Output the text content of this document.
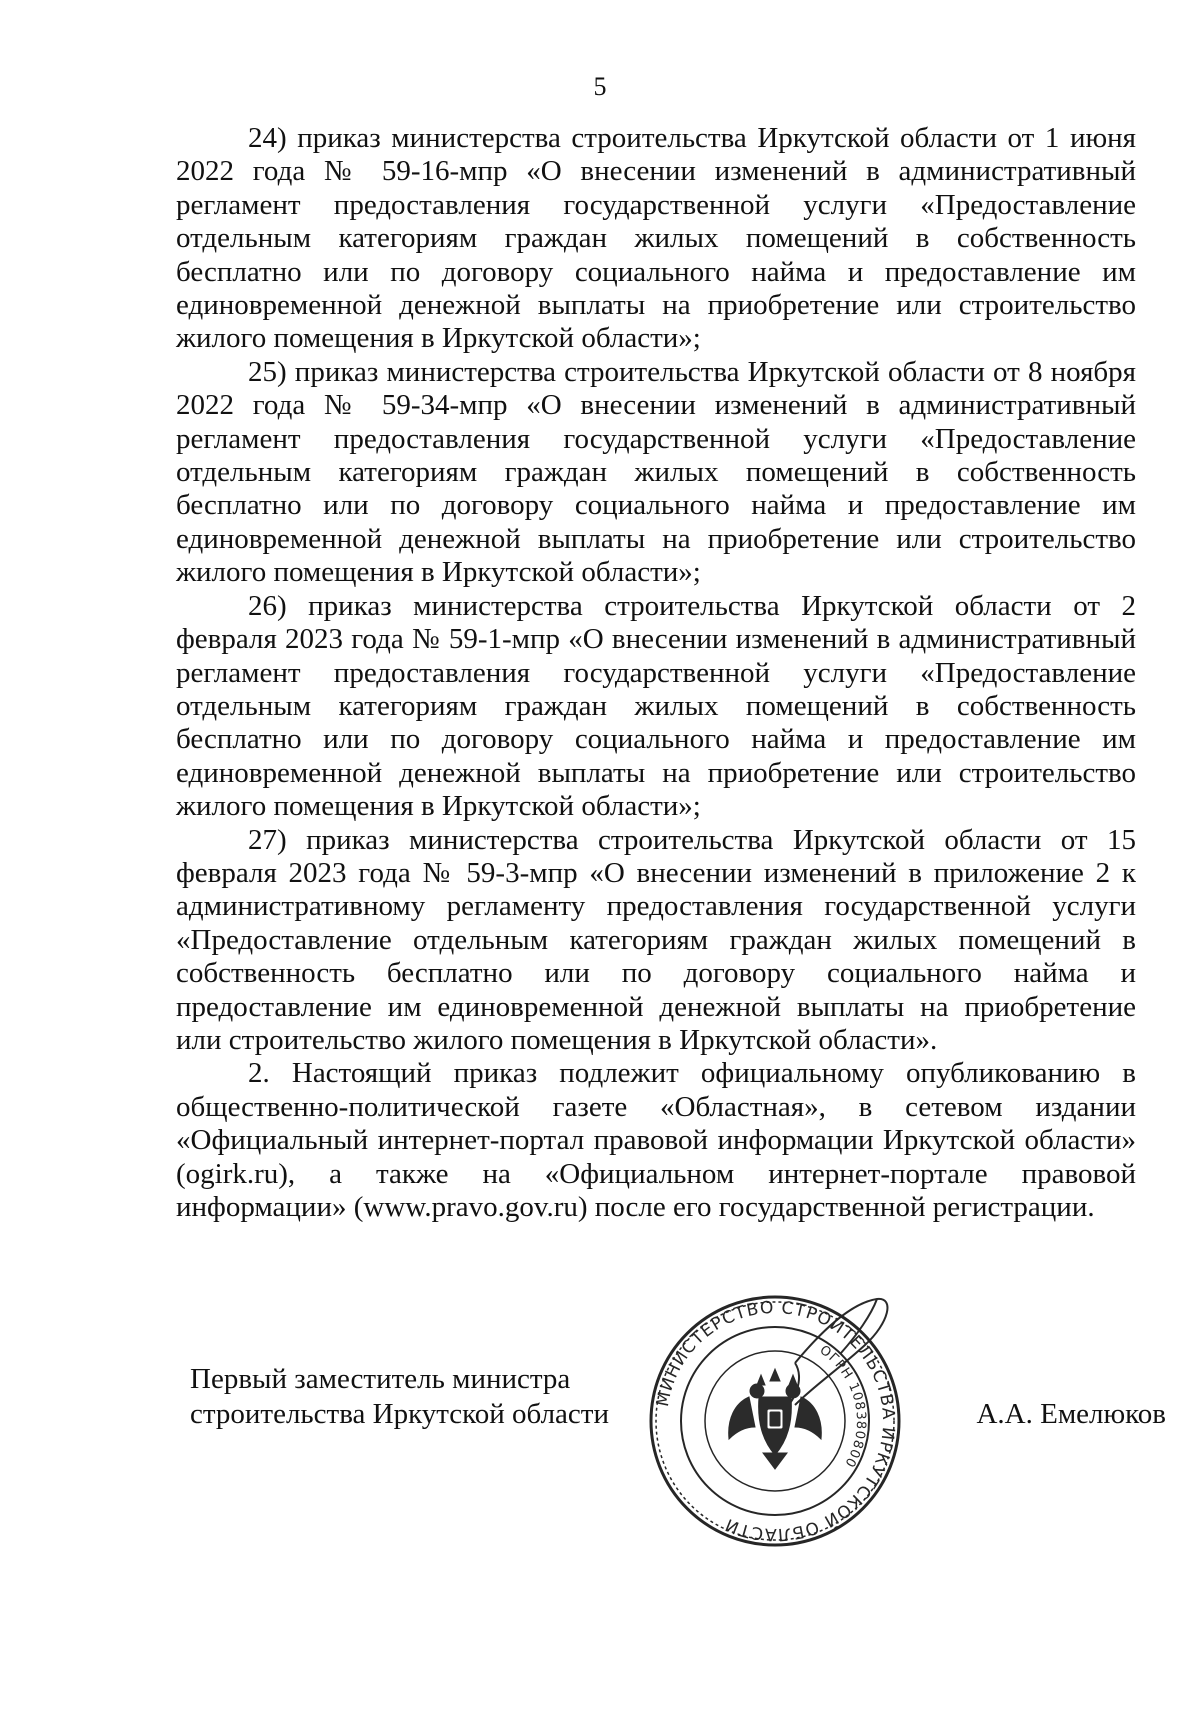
5

24) приказ министерства строительства Иркутской области от 1 июня 2022 года № 59-16-мпр «О внесении изменений в административный регламент предоставления государственной услуги «Предоставление отдельным категориям граждан жилых помещений в собственность бесплатно или по договору социального найма и предоставление им единовременной денежной выплаты на приобретение или строительство жилого помещения в Иркутской области»;

25) приказ министерства строительства Иркутской области от 8 ноября 2022 года № 59-34-мпр «О внесении изменений в административный регламент предоставления государственной услуги «Предоставление отдельным категориям граждан жилых помещений в собственность бесплатно или по договору социального найма и предоставление им единовременной денежной выплаты на приобретение или строительство жилого помещения в Иркутской области»;

26) приказ министерства строительства Иркутской области от 2 февраля 2023 года № 59-1-мпр «О внесении изменений в административный регламент предоставления государственной услуги «Предоставление отдельным категориям граждан жилых помещений в собственность бесплатно или по договору социального найма и предоставление им единовременной денежной выплаты на приобретение или строительство жилого помещения в Иркутской области»;

27) приказ министерства строительства Иркутской области от 15 февраля 2023 года № 59-3-мпр «О внесении изменений в приложение 2 к административному регламенту предоставления государственной услуги «Предоставление отдельным категориям граждан жилых помещений в собственность бесплатно или по договору социального найма и предоставление им единовременной денежной выплаты на приобретение или строительство жилого помещения в Иркутской области».

2. Настоящий приказ подлежит официальному опубликованию в общественно-политической газете «Областная», в сетевом издании «Официальный интернет-портал правовой информации Иркутской области» (ogirk.ru), а также на «Официальном интернет-портале правовой информации» (www.pravo.gov.ru) после его государственной регистрации.

Первый заместитель министра
строительства Иркутской области	МИНИСТЕРСТВО СТРОИТЕЛЬСТВА ИРКУТСКОЙ ОБЛАСТИ
ОГРН 108380800
А.А. Емелюков
